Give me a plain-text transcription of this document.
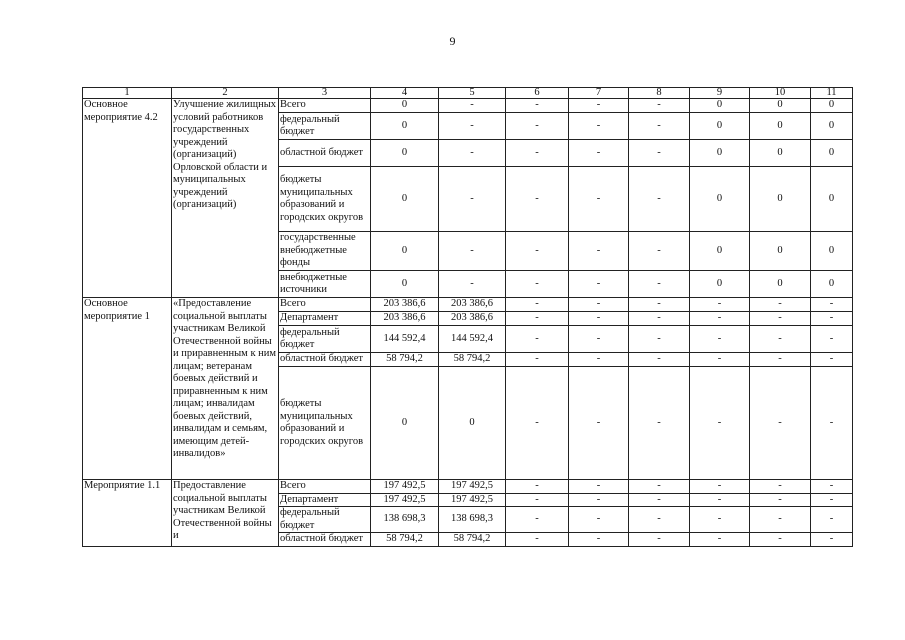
9
1	2	3	4	5	6	7	8	9	10	11
Основное мероприятие 4.2	Улучшение жилищных условий работников государственных учреждений (организаций) Орловской области и муниципальных учреждений (организаций)	Всего	0	-	-	-	-	0	0	0
		федеральный бюджет	0	-	-	-	-	0	0	0
		областной бюджет	0	-	-	-	-	0	0	0
		бюджеты муниципальных образований и городских округов	0	-	-	-	-	0	0	0
		государственные внебюджетные фонды	0	-	-	-	-	0	0	0
		внебюджетные источники	0	-	-	-	-	0	0	0
Основное мероприятие 1	«Предоставление социальной выплаты участникам Великой Отечественной войны и приравненным к ним лицам; ветеранам боевых действий и приравненным к ним лицам; инвалидам боевых действий, инвалидам и семьям, имеющим детей-инвалидов»	Всего	203 386,6	203 386,6	-	-	-	-	-	-
		Департамент	203 386,6	203 386,6	-	-	-	-	-	-
		федеральный бюджет	144 592,4	144 592,4	-	-	-	-	-	-
		областной бюджет	58 794,2	58 794,2	-	-	-	-	-	-
		бюджеты муниципальных образований и городских округов	0	0	-	-	-	-	-	-
Мероприятие 1.1	Предоставление социальной выплаты участникам Великой Отечественной войны и	Всего	197 492,5	197 492,5	-	-	-	-	-	-
		Департамент	197 492,5	197 492,5	-	-	-	-	-	-
		федеральный бюджет	138 698,3	138 698,3	-	-	-	-	-	-
		областной бюджет	58 794,2	58 794,2	-	-	-	-	-	-
